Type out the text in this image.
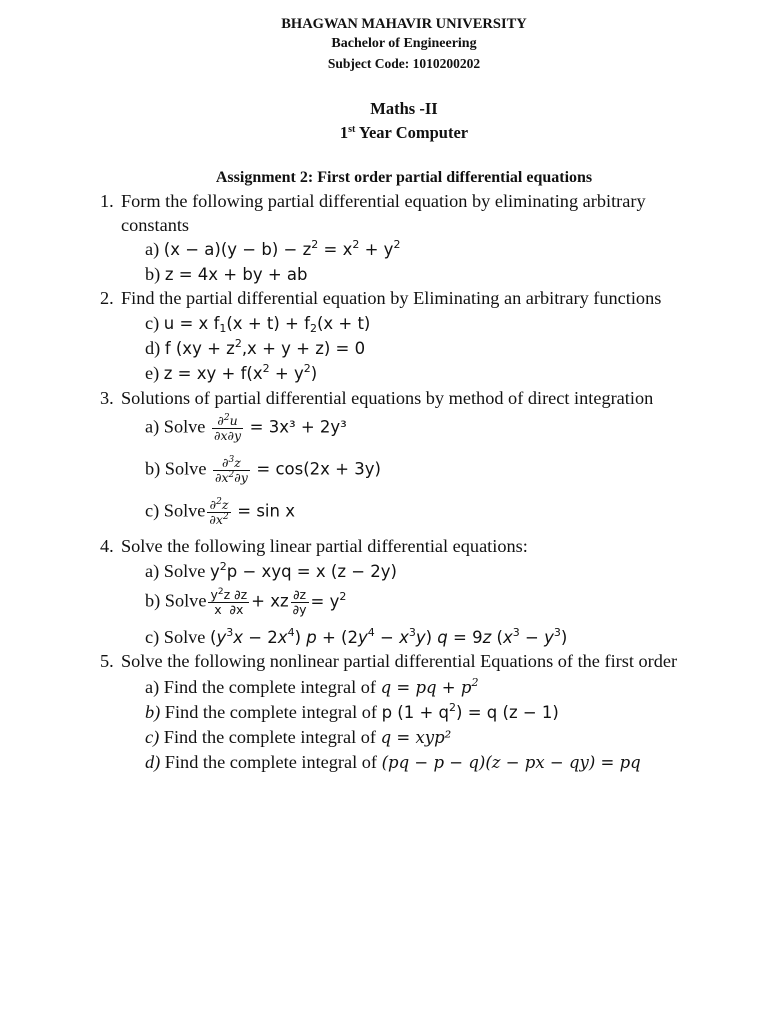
BHAGWAN MAHAVIR UNIVERSITY
Bachelor of Engineering
Subject Code: 1010200202
Maths -II
1st Year Computer
Assignment 2: First order partial differential equations
1. Form the following partial differential equation by eliminating arbitrary
constants
a) $(x - a)(y - b) - z^2 = x^2 + y^2$
b) z = 4x + by + ab
2. Find the partial differential equation by Eliminating an arbitrary functions
c) u = x $f_1(x + t) + f_2(x + t)$
d) f $(xy + z^2,x + y + z) = 0$
e) z = xy + $f(x^2 + y^2)$
3. Solutions of partial differential equations by method of direct integration
a) Solve $\frac{\partial^2u}{\partial x\partial y} = 3x^3 + 2y^3$
b) Solve $\frac{\partial^3z}{\partial x^2\partial y} = \cos(2x + 3y)$
c) Solve $\frac{\partial^2z}{\partial x^2} = \sin x$
4. Solve the following linear partial differential equations:
a) Solve $y^2p$ − xyq = x (z − 2y)
b) Solve $\frac{y^2z \partial z}{x \partial x}$ + xz $\frac{\partial z}{\partial y} = y^2$
c) Solve $(y^3x - 2x^4) p + (2y^4 - x^3y) q = 9z$ $(x^3 - y^3)$
5. Solve the following nonlinear partial differential Equations of the first order
a) Find the complete integral of q = pq + $p^2$
b) Find the complete integral of p $(1 + q^2) = q$ (z − 1)
c) Find the complete integral of q = xyp²
d) Find the complete integral of (pq − p − q)(z − px − qy) = pq
